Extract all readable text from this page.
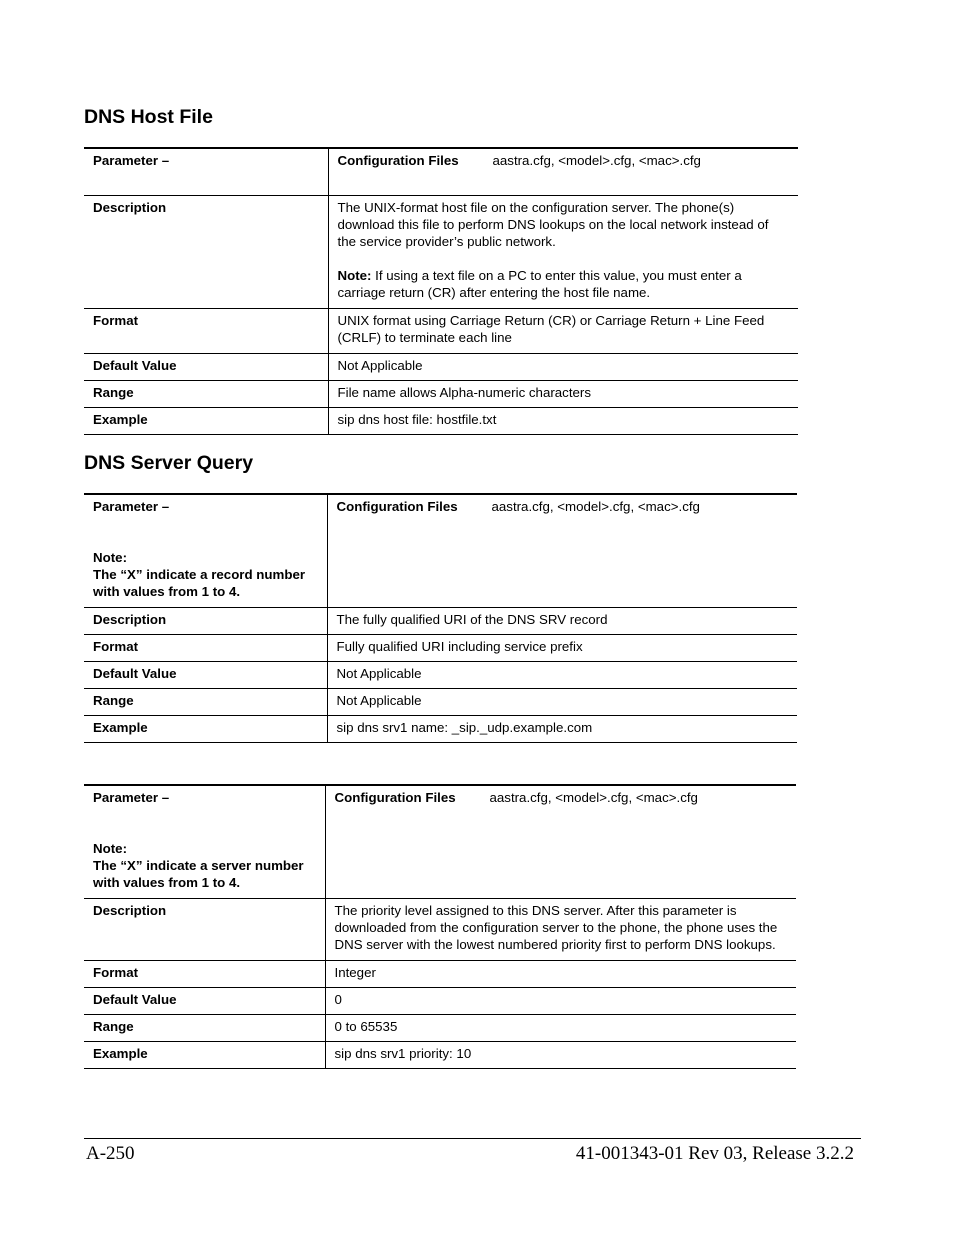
DNS Host File
Parameter –	Configuration Files aastra.cfg, <model>.cfg, <mac>.cfg
Description	The UNIX-format host file on the configuration server. The phone(s) download this file to perform DNS lookups on the local network instead of the service provider’s public network.
Note: If using a text file on a PC to enter this value, you must enter a carriage return (CR) after entering the host file name.
Format	UNIX format using Carriage Return (CR) or Carriage Return + Line Feed (CRLF) to terminate each line
Default Value	Not Applicable
Range	File name allows Alpha-numeric characters
Example	sip dns host file: hostfile.txt
DNS Server Query
Parameter –
Note:
The “X” indicate a record number with values from 1 to 4.	Configuration Files aastra.cfg, <model>.cfg, <mac>.cfg
Description	The fully qualified URI of the DNS SRV record
Format	Fully qualified URI including service prefix
Default Value	Not Applicable
Range	Not Applicable
Example	sip dns srv1 name: _sip._udp.example.com
Parameter –
Note:
The “X” indicate a server number with values from 1 to 4.	Configuration Files aastra.cfg, <model>.cfg, <mac>.cfg
Description	The priority level assigned to this DNS server. After this parameter is downloaded from the configuration server to the phone, the phone uses the DNS server with the lowest numbered priority first to perform DNS lookups.
Format	Integer
Default Value	0
Range	0 to 65535
Example	sip dns srv1 priority: 10
A-250	41-001343-01 Rev 03, Release 3.2.2
